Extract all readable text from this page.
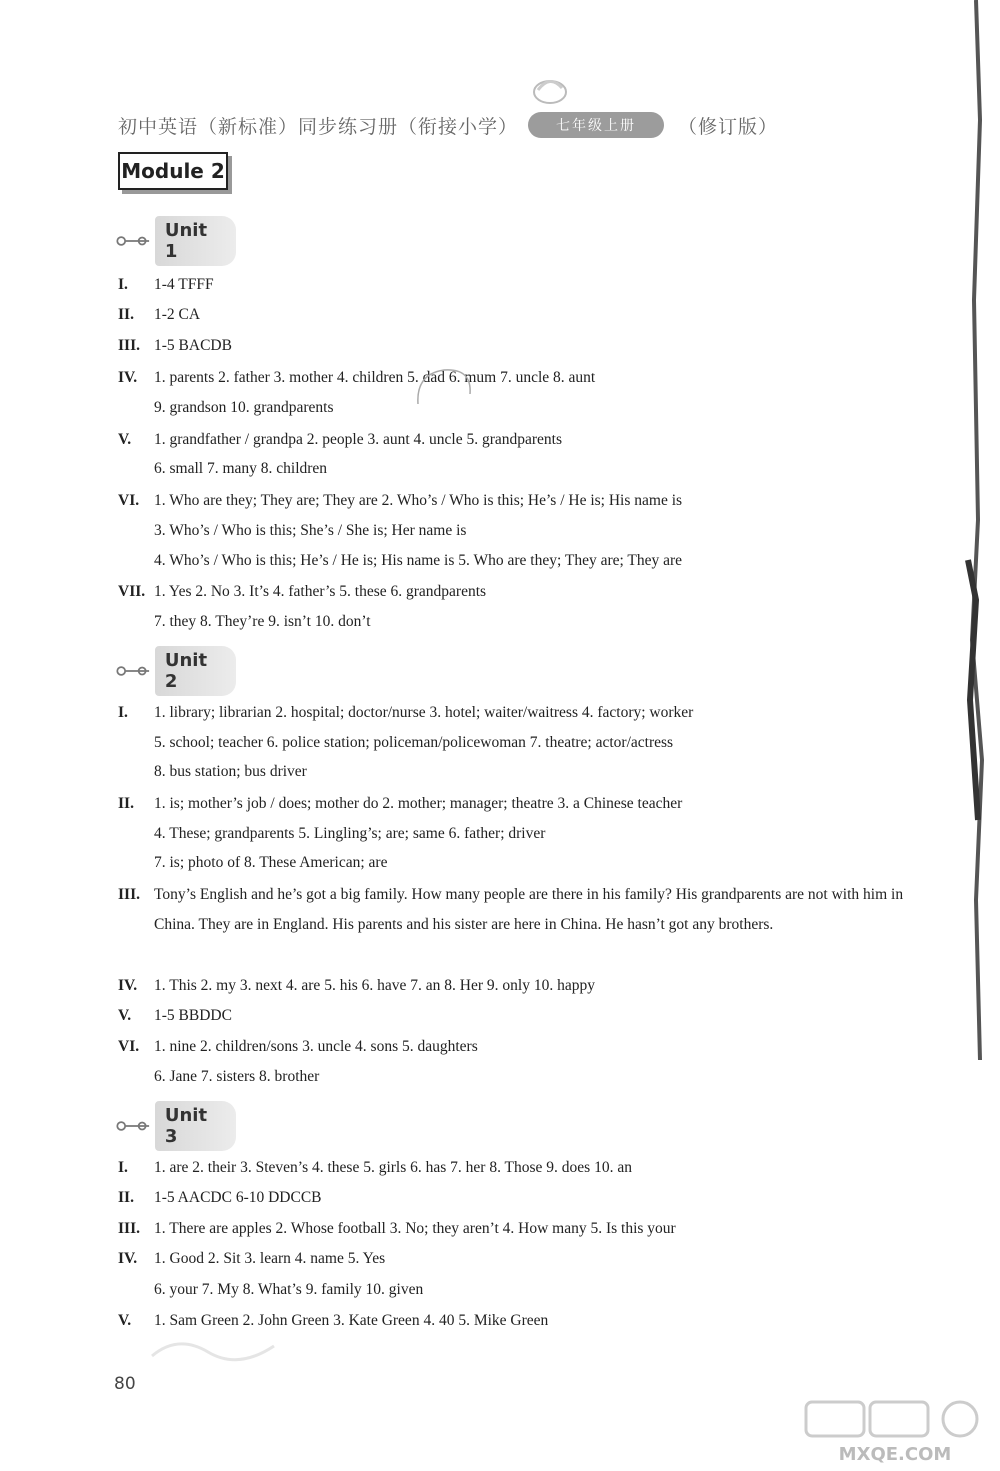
初中英语（新标准）同步练习册（衔接小学）	七年级上册	（修订版）
Module 2
Unit 1
I. 1-4 TFFF
II. 1-2 CA
III. 1-5 BACDB
IV. 1. parents 2. father 3. mother 4. children 5. dad 6. mum 7. uncle 8. aunt
9. grandson 10. grandparents
V. 1. grandfather / grandpa 2. people 3. aunt 4. uncle 5. grandparents
6. small 7. many 8. children
VI. 1. Who are they; They are; They are 2. Who’s / Who is this; He’s / He is; His name is
3. Who’s / Who is this; She’s / She is; Her name is
4. Who’s / Who is this; He’s / He is; His name is 5. Who are they; They are; They are
VII. 1. Yes 2. No 3. It’s 4. father’s 5. these 6. grandparents
7. they 8. They’re 9. isn’t 10. don’t
Unit 2
I. 1. library; librarian 2. hospital; doctor/nurse 3. hotel; waiter/waitress 4. factory; worker
5. school; teacher 6. police station; policeman/policewoman 7. theatre; actor/actress
8. bus station; bus driver
II. 1. is; mother’s job / does; mother do 2. mother; manager; theatre 3. a Chinese teacher
4. These; grandparents 5. Lingling’s; are; same 6. father; driver
7. is; photo of 8. These American; are
III. Tony’s English and he’s got a big family. How many people are there in his family? His grandparents are not with him in China. They are in England. His parents and his sister are here in China. He hasn’t got any brothers.
IV. 1. This 2. my 3. next 4. are 5. his 6. have 7. an 8. Her 9. only 10. happy
V. 1-5 BBDDC
VI. 1. nine 2. children/sons 3. uncle 4. sons 5. daughters
6. Jane 7. sisters 8. brother
Unit 3
I. 1. are 2. their 3. Steven’s 4. these 5. girls 6. has 7. her 8. Those 9. does 10. an
II. 1-5 AACDC 6-10 DDCCB
III. 1. There are apples 2. Whose football 3. No; they aren’t 4. How many 5. Is this your
IV. 1. Good 2. Sit 3. learn 4. name 5. Yes
6. your 7. My 8. What’s 9. family 10. given
V. 1. Sam Green 2. John Green 3. Kate Green 4. 40 5. Mike Green
80
MXQE.COM
